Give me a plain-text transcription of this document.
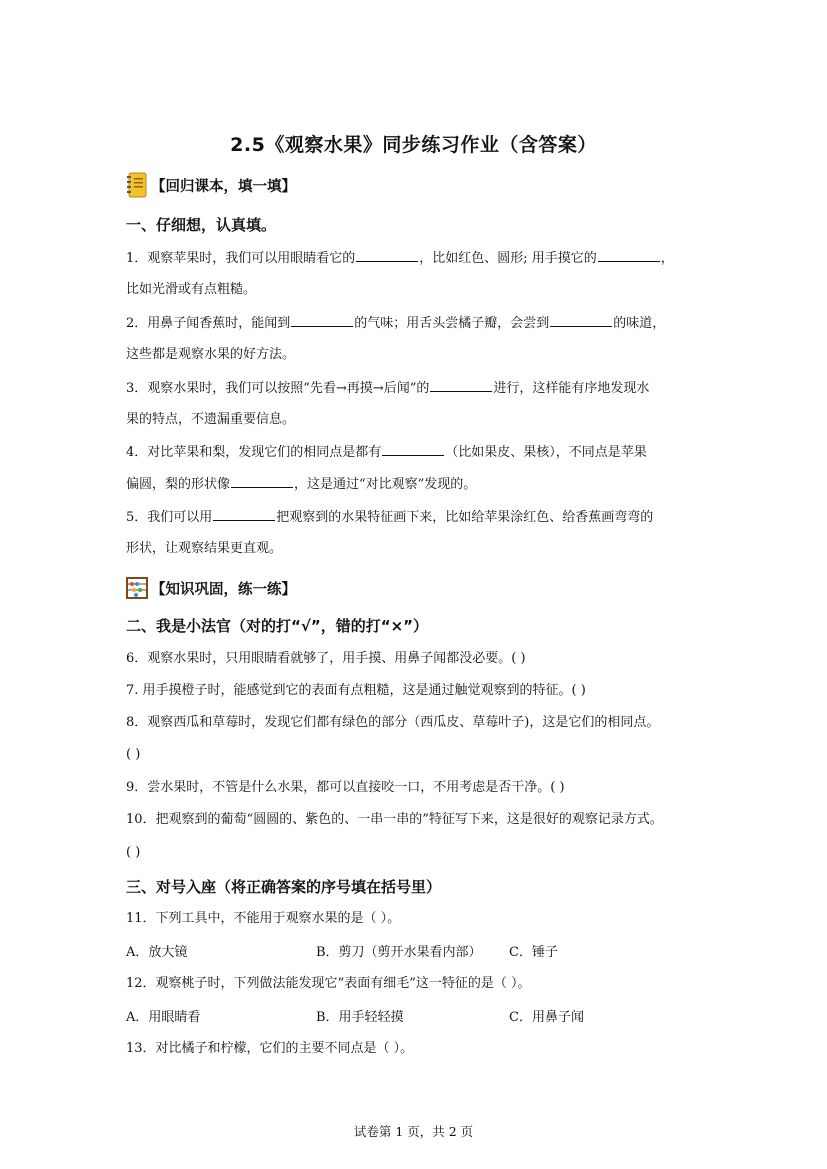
2.5《观察水果》同步练习作业（含答案）
【回归课本，填一填】
一、仔细想，认真填。
1．观察苹果时，我们可以用眼睛看它的	，比如红色、圆形; 用手摸它的	，
比如光滑或有点粗糙。
2．用鼻子闻香蕉时，能闻到	的气味；用舌头尝橘子瓣，会尝到	的味道，
这些都是观察水果的好方法。
3．观察水果时，我们可以按照“先看→再摸→后闻”的	进行，这样能有序地发现水
果的特点，不遗漏重要信息。
4．对比苹果和梨，发现它们的相同点是都有	（比如果皮、果核），不同点是苹果
偏圆，梨的形状像	，这是通过“对比观察”发现的。
5．我们可以用	把观察到的水果特征画下来，比如给苹果涂红色、给香蕉画弯弯的
形状，让观察结果更直观。
【知识巩固，练一练】
二、我是小法官（对的打“√”，错的打“×”）
6．观察水果时，只用眼睛看就够了，用手摸、用鼻子闻都没必要。( )
7. 用手摸橙子时，能感觉到它的表面有点粗糙，这是通过触觉观察到的特征。( )
8．观察西瓜和草莓时，发现它们都有绿色的部分（西瓜皮、草莓叶子)，这是它们的相同点。
( )
9．尝水果时，不管是什么水果，都可以直接咬一口，不用考虑是否干净。( )
10．把观察到的葡萄“圆圆的、紫色的、一串一串的”特征写下来，这是很好的观察记录方式。
( )
三、对号入座（将正确答案的序号填在括号里）
11．下列工具中，不能用于观察水果的是（ ）。
A．放大镜	B．剪刀（剪开水果看内部） C．锤子
12．观察桃子时，下列做法能发现它“表面有细毛”这一特征的是（ ）。
A．用眼睛看	B．用手轻轻摸	C．用鼻子闻
13．对比橘子和柠檬，它们的主要不同点是（ ）。
试卷第 1 页，共 2 页
